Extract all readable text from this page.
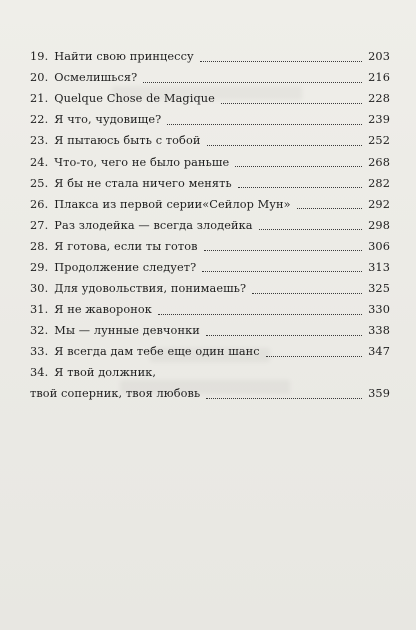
19. Найти свою принцессу	203
20. Осмелишься?	216
21. Quelque Chose de Magique	228
22. Я что, чудовище?	239
23. Я пытаюсь быть с тобой	252
24. Что-то, чего не было раньше	268
25. Я бы не стала ничего менять	282
26. Плакса из первой серии«Сейлор Мун»	292
27. Раз злодейка — всегда злодейка	298
28. Я готова, если ты готов	306
29. Продолжение следует?	313
30. Для удовольствия, понимаешь?	325
31. Я не жаворонок	330
32. Мы — лунные девчонки	338
33. Я всегда дам тебе еще один шанс	347
34. Я твой должник,
твой соперник, твоя любовь	359
